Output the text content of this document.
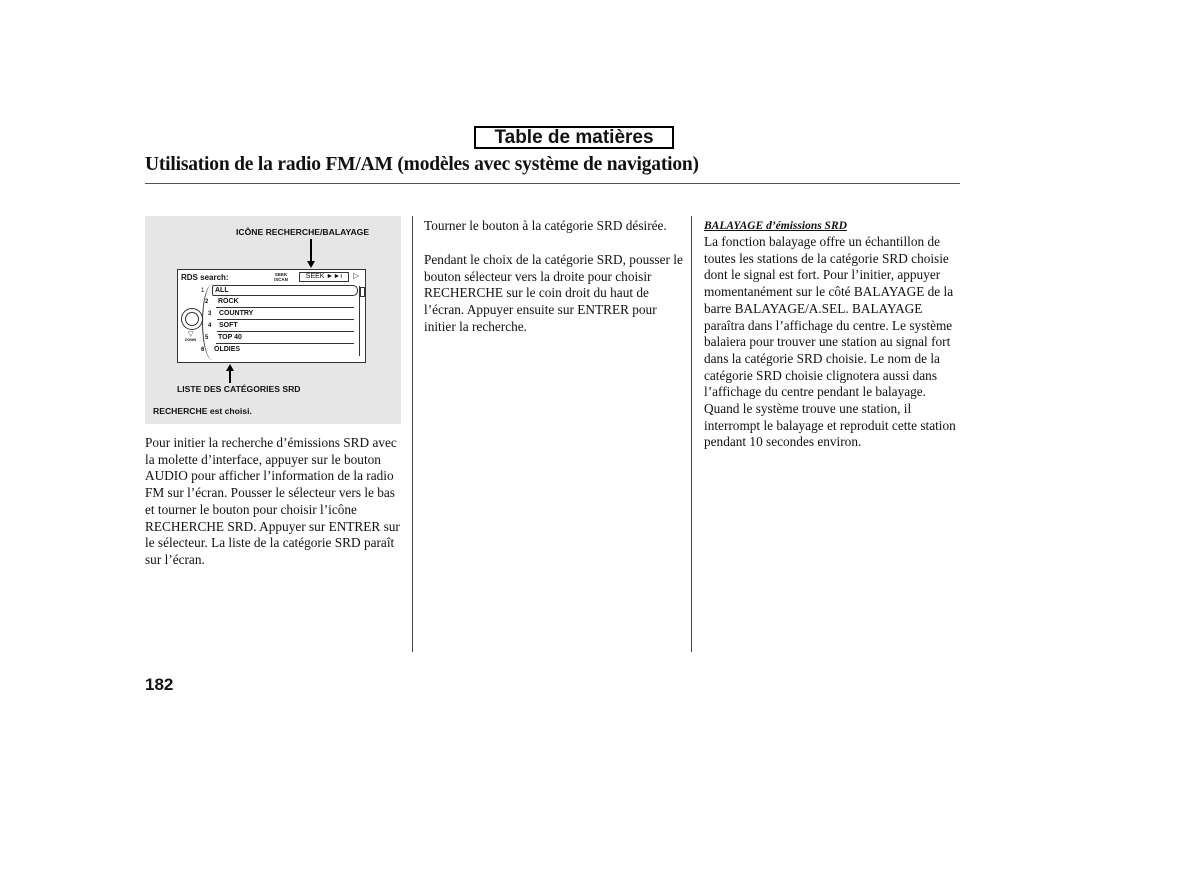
Table de matières
Utilisation de la radio FM/AM (modèles avec système de navigation)
ICÔNE RECHERCHE/BALAYAGE
RDS search:	SEEK
/SCAN	SEEK ►►ı	▷
▽
DOWN
1
2
3
4
5
6
ALL
ROCK
COUNTRY
SOFT
TOP 40
OLDIES
LISTE DES CATÉGORIES SRD
RECHERCHE est choisi.

Pour initier la recherche d’émissions SRD avec la molette d’interface, appuyer sur le bouton AUDIO pour afficher l’information de la radio FM sur l’écran. Pousser le sélecteur vers le bas et tourner le bouton pour choisir l’icône RECHERCHE SRD. Appuyer sur ENTRER sur le sélecteur. La liste de la catégorie SRD paraît sur l’écran.

Tourner le bouton à la catégorie SRD désirée.

Pendant le choix de la catégorie SRD, pousser le bouton sélecteur vers la droite pour choisir RECHERCHE sur le coin droit du haut de l’écran. Appuyer ensuite sur ENTRER pour initier la recherche.

BALAYAGE d’émissions SRD

La fonction balayage offre un échantillon de toutes les stations de la catégorie SRD choisie dont le signal est fort. Pour l’initier, appuyer momentanément sur le côté BALAYAGE de la barre BALAYAGE/A.SEL. BALAYAGE paraîtra dans l’affichage du centre. Le système balaiera pour trouver une station au signal fort dans la catégorie SRD choisie. Le nom de la catégorie SRD choisie clignotera aussi dans l’affichage du centre pendant le balayage. Quand le système trouve une station, il interrompt le balayage et reproduit cette station pendant 10 secondes environ.

182
